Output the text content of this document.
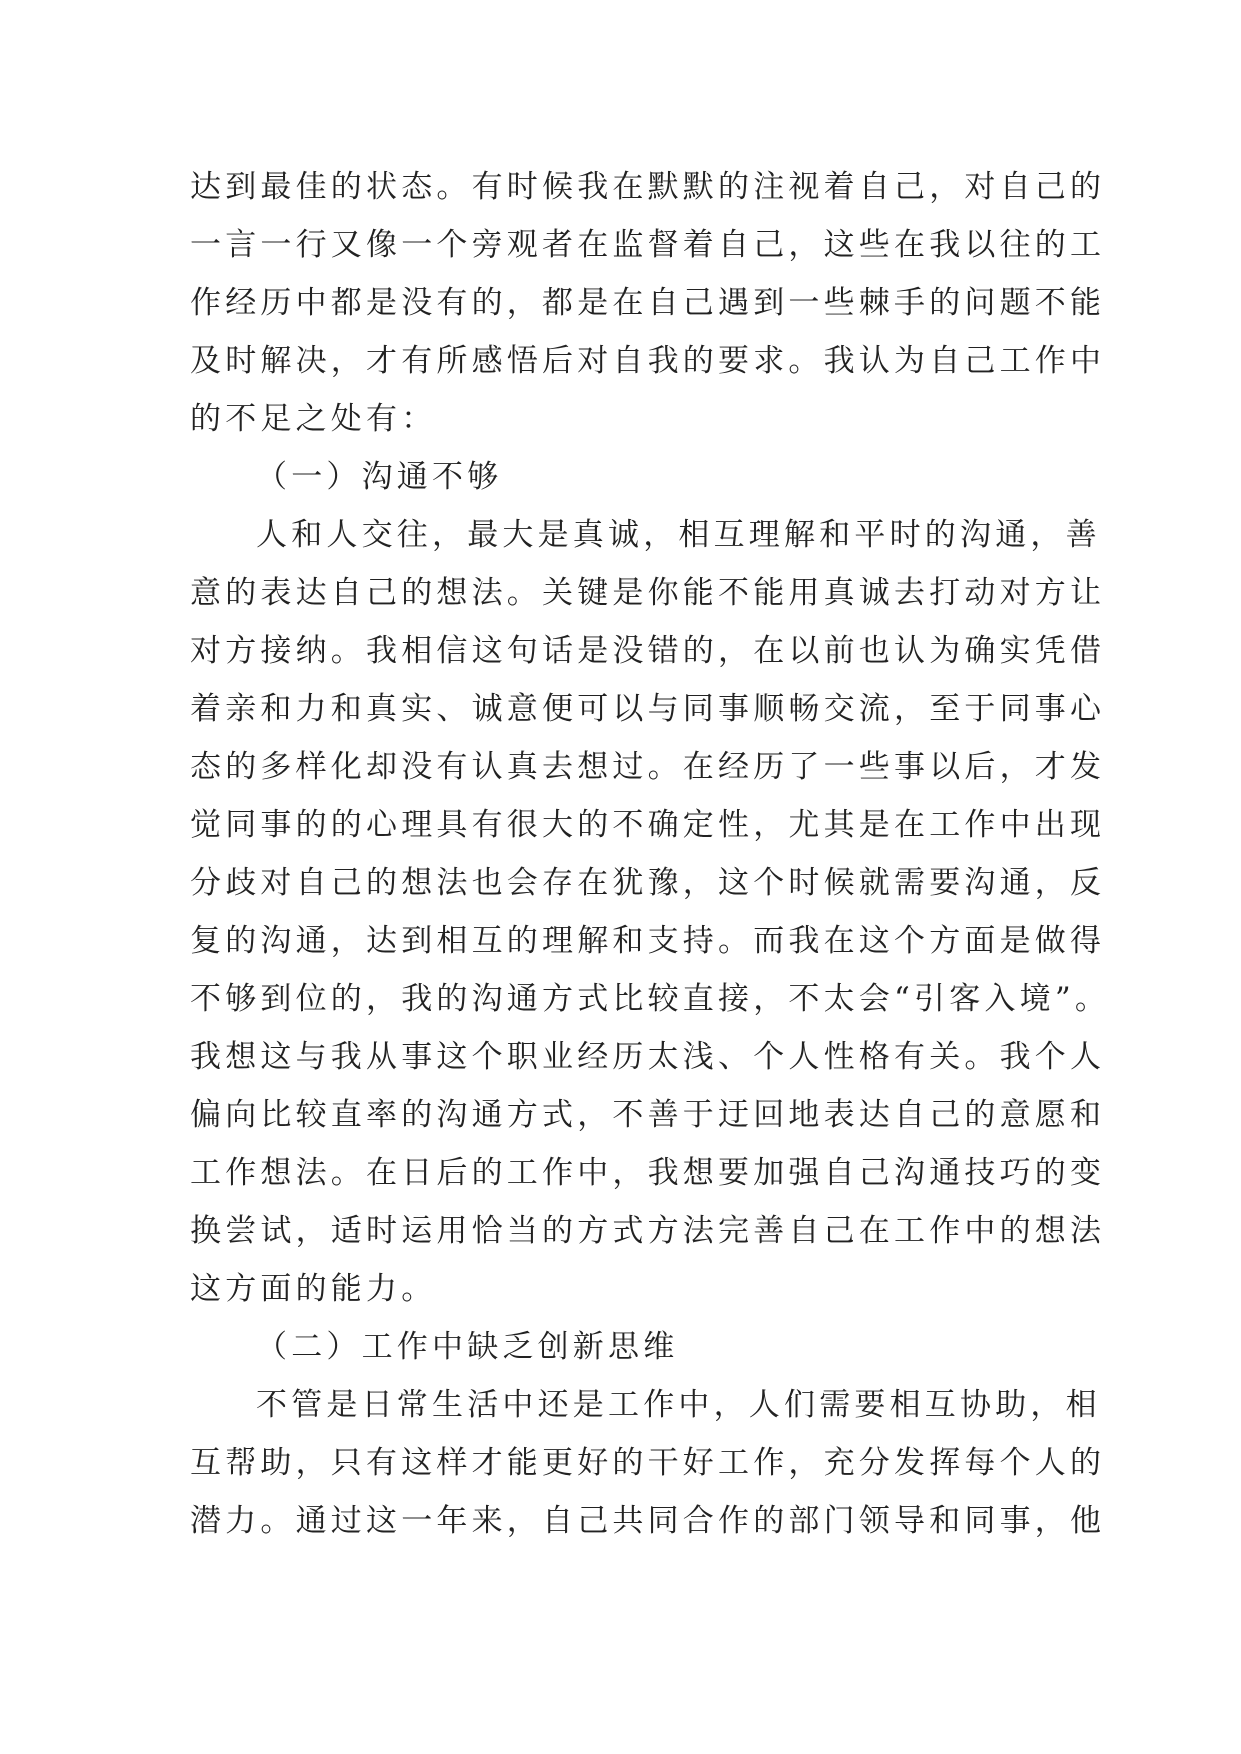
达到最佳的状态。有时候我在默默的注视着自己，对自己的
一言一行又像一个旁观者在监督着自己，这些在我以往的工
作经历中都是没有的，都是在自己遇到一些棘手的问题不能
及时解决，才有所感悟后对自我的要求。我认为自己工作中
的不足之处有：
（一）沟通不够
人和人交往，最大是真诚，相互理解和平时的沟通，善
意的表达自己的想法。关键是你能不能用真诚去打动对方让
对方接纳。我相信这句话是没错的，在以前也认为确实凭借
着亲和力和真实、诚意便可以与同事顺畅交流，至于同事心
态的多样化却没有认真去想过。在经历了一些事以后，才发
觉同事的的心理具有很大的不确定性，尤其是在工作中出现
分歧对自己的想法也会存在犹豫，这个时候就需要沟通，反
复的沟通，达到相互的理解和支持。而我在这个方面是做得
不够到位的，我的沟通方式比较直接，不太会“引客入境”。
我想这与我从事这个职业经历太浅、个人性格有关。我个人
偏向比较直率的沟通方式，不善于迂回地表达自己的意愿和
工作想法。在日后的工作中，我想要加强自己沟通技巧的变
换尝试，适时运用恰当的方式方法完善自己在工作中的想法
这方面的能力。
（二）工作中缺乏创新思维
不管是日常生活中还是工作中，人们需要相互协助，相
互帮助，只有这样才能更好的干好工作，充分发挥每个人的
潜力。通过这一年来，自己共同合作的部门领导和同事，他
